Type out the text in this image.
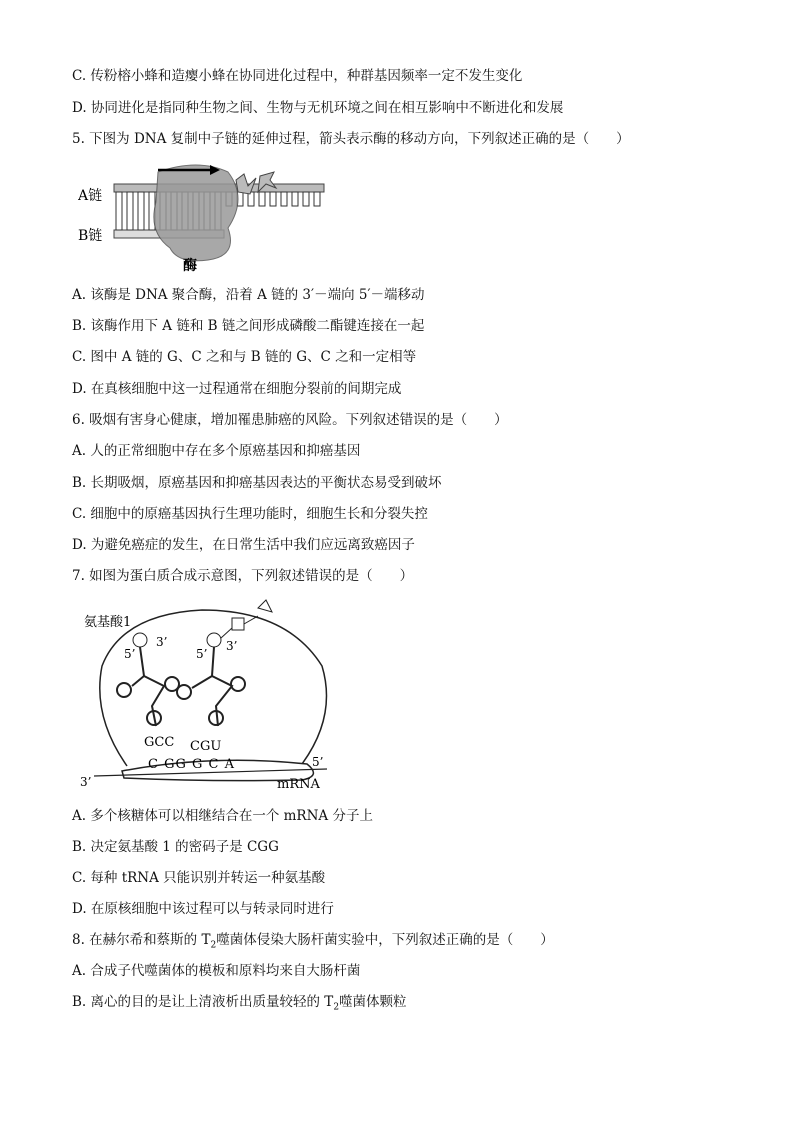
C. 传粉榕小蜂和造瘿小蜂在协同进化过程中，种群基因频率一定不发生变化
D. 协同进化是指同种生物之间、生物与无机环境之间在相互影响中不断进化和发展
5. 下图为 DNA 复制中子链的延伸过程，箭头表示酶的移动方向，下列叙述正确的是（　　）
A链
B链
酶
A. 该酶是 DNA 聚合酶，沿着 A 链的 3′－端向 5′－端移动
B. 该酶作用下 A 链和 B 链之间形成磷酸二酯键连接在一起
C. 图中 A 链的 G、C 之和与 B 链的 G、C 之和一定相等
D. 在真核细胞中这一过程通常在细胞分裂前的间期完成
6. 吸烟有害身心健康，增加罹患肺癌的风险。下列叙述错误的是（　　）
A. 人的正常细胞中存在多个原癌基因和抑癌基因
B. 长期吸烟，原癌基因和抑癌基因表达的平衡状态易受到破坏
C. 细胞中的原癌基因执行生理功能时，细胞生长和分裂失控
D. 为避免癌症的发生，在日常生活中我们应远离致癌因子
7. 如图为蛋白质合成示意图，下列叙述错误的是（　　）
3’
5’
mRNA
C GG G C A
氨基酸1
3’
5’
GCC
3’
5’
CGU
A. 多个核糖体可以相继结合在一个 mRNA 分子上
B. 决定氨基酸 1 的密码子是 CGG
C. 每种 tRNA 只能识别并转运一种氨基酸
D. 在原核细胞中该过程可以与转录同时进行
8. 在赫尔希和蔡斯的 $T_2$噬菌体侵染大肠杆菌实验中，下列叙述正确的是（　　）
A. 合成子代噬菌体的模板和原料均来自大肠杆菌
B. 离心的目的是让上清液析出质量较轻的 $T_2$噬菌体颗粒
